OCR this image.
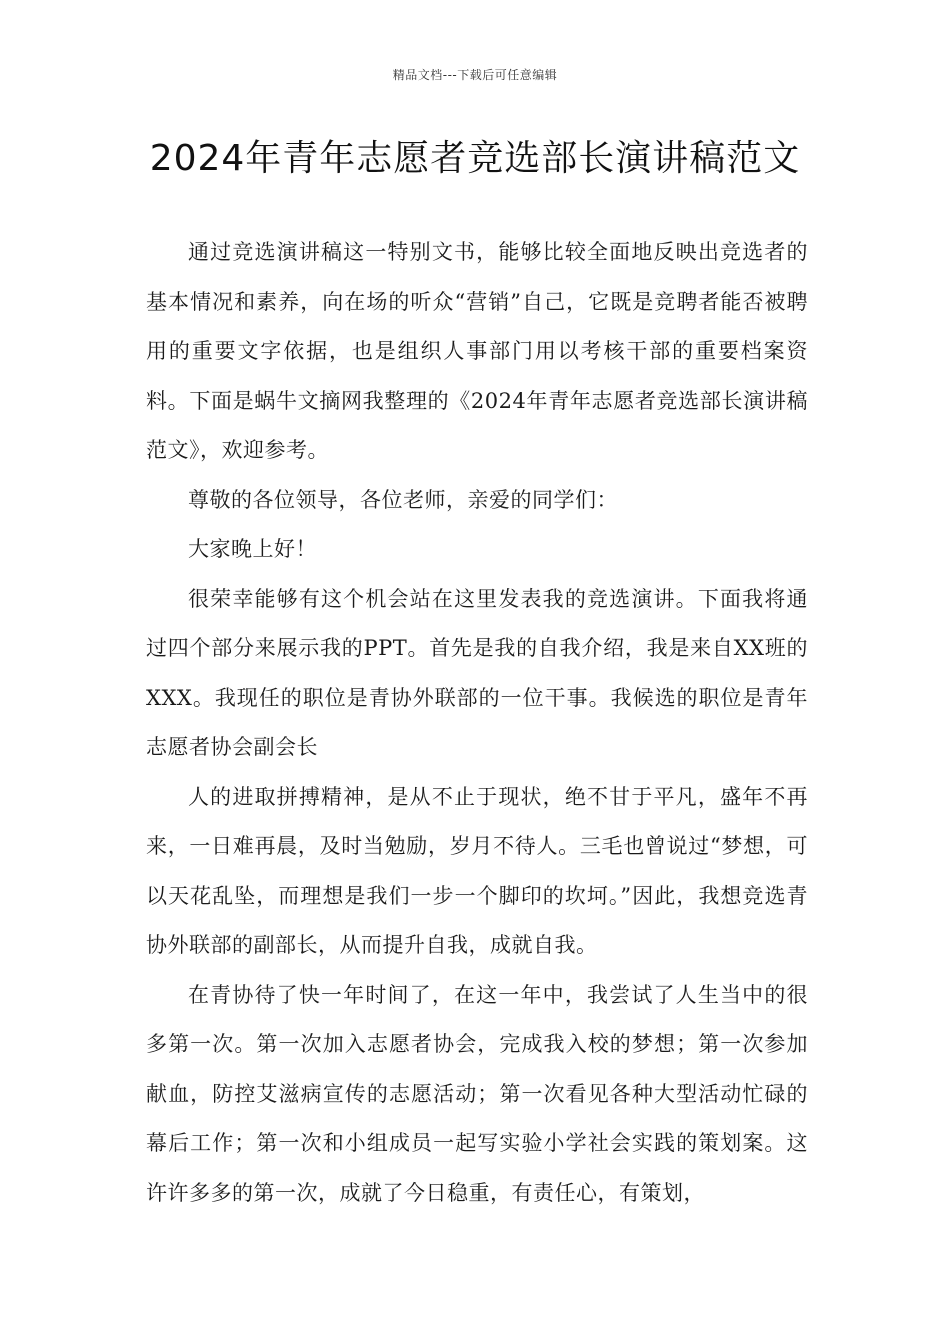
精品文档---下载后可任意编辑
2024年青年志愿者竞选部长演讲稿范文

通过竞选演讲稿这一特别文书，能够比较全面地反映出竞选者的基本情况和素养，向在场的听众“营销”自己，它既是竞聘者能否被聘用的重要文字依据，也是组织人事部门用以考核干部的重要档案资料。下面是蜗牛文摘网我整理的《2024年青年志愿者竞选部长演讲稿范文》，欢迎参考。

尊敬的各位领导，各位老师，亲爱的同学们：

大家晚上好！

很荣幸能够有这个机会站在这里发表我的竞选演讲。下面我将通过四个部分来展示我的PPT。首先是我的自我介绍，我是来自XX班的XXX。我现任的职位是青协外联部的一位干事。我候选的职位是青年志愿者协会副会长

人的进取拼搏精神，是从不止于现状，绝不甘于平凡，盛年不再来，一日难再晨，及时当勉励，岁月不待人。三毛也曾说过“梦想，可以天花乱坠，而理想是我们一步一个脚印的坎坷。”因此，我想竞选青协外联部的副部长，从而提升自我，成就自我。

在青协待了快一年时间了，在这一年中，我尝试了人生当中的很多第一次。第一次加入志愿者协会，完成我入校的梦想；第一次参加献血，防控艾滋病宣传的志愿活动；第一次看见各种大型活动忙碌的幕后工作；第一次和小组成员一起写实验小学社会实践的策划案。这许许多多的第一次，成就了今日稳重，有责任心，有策划，
